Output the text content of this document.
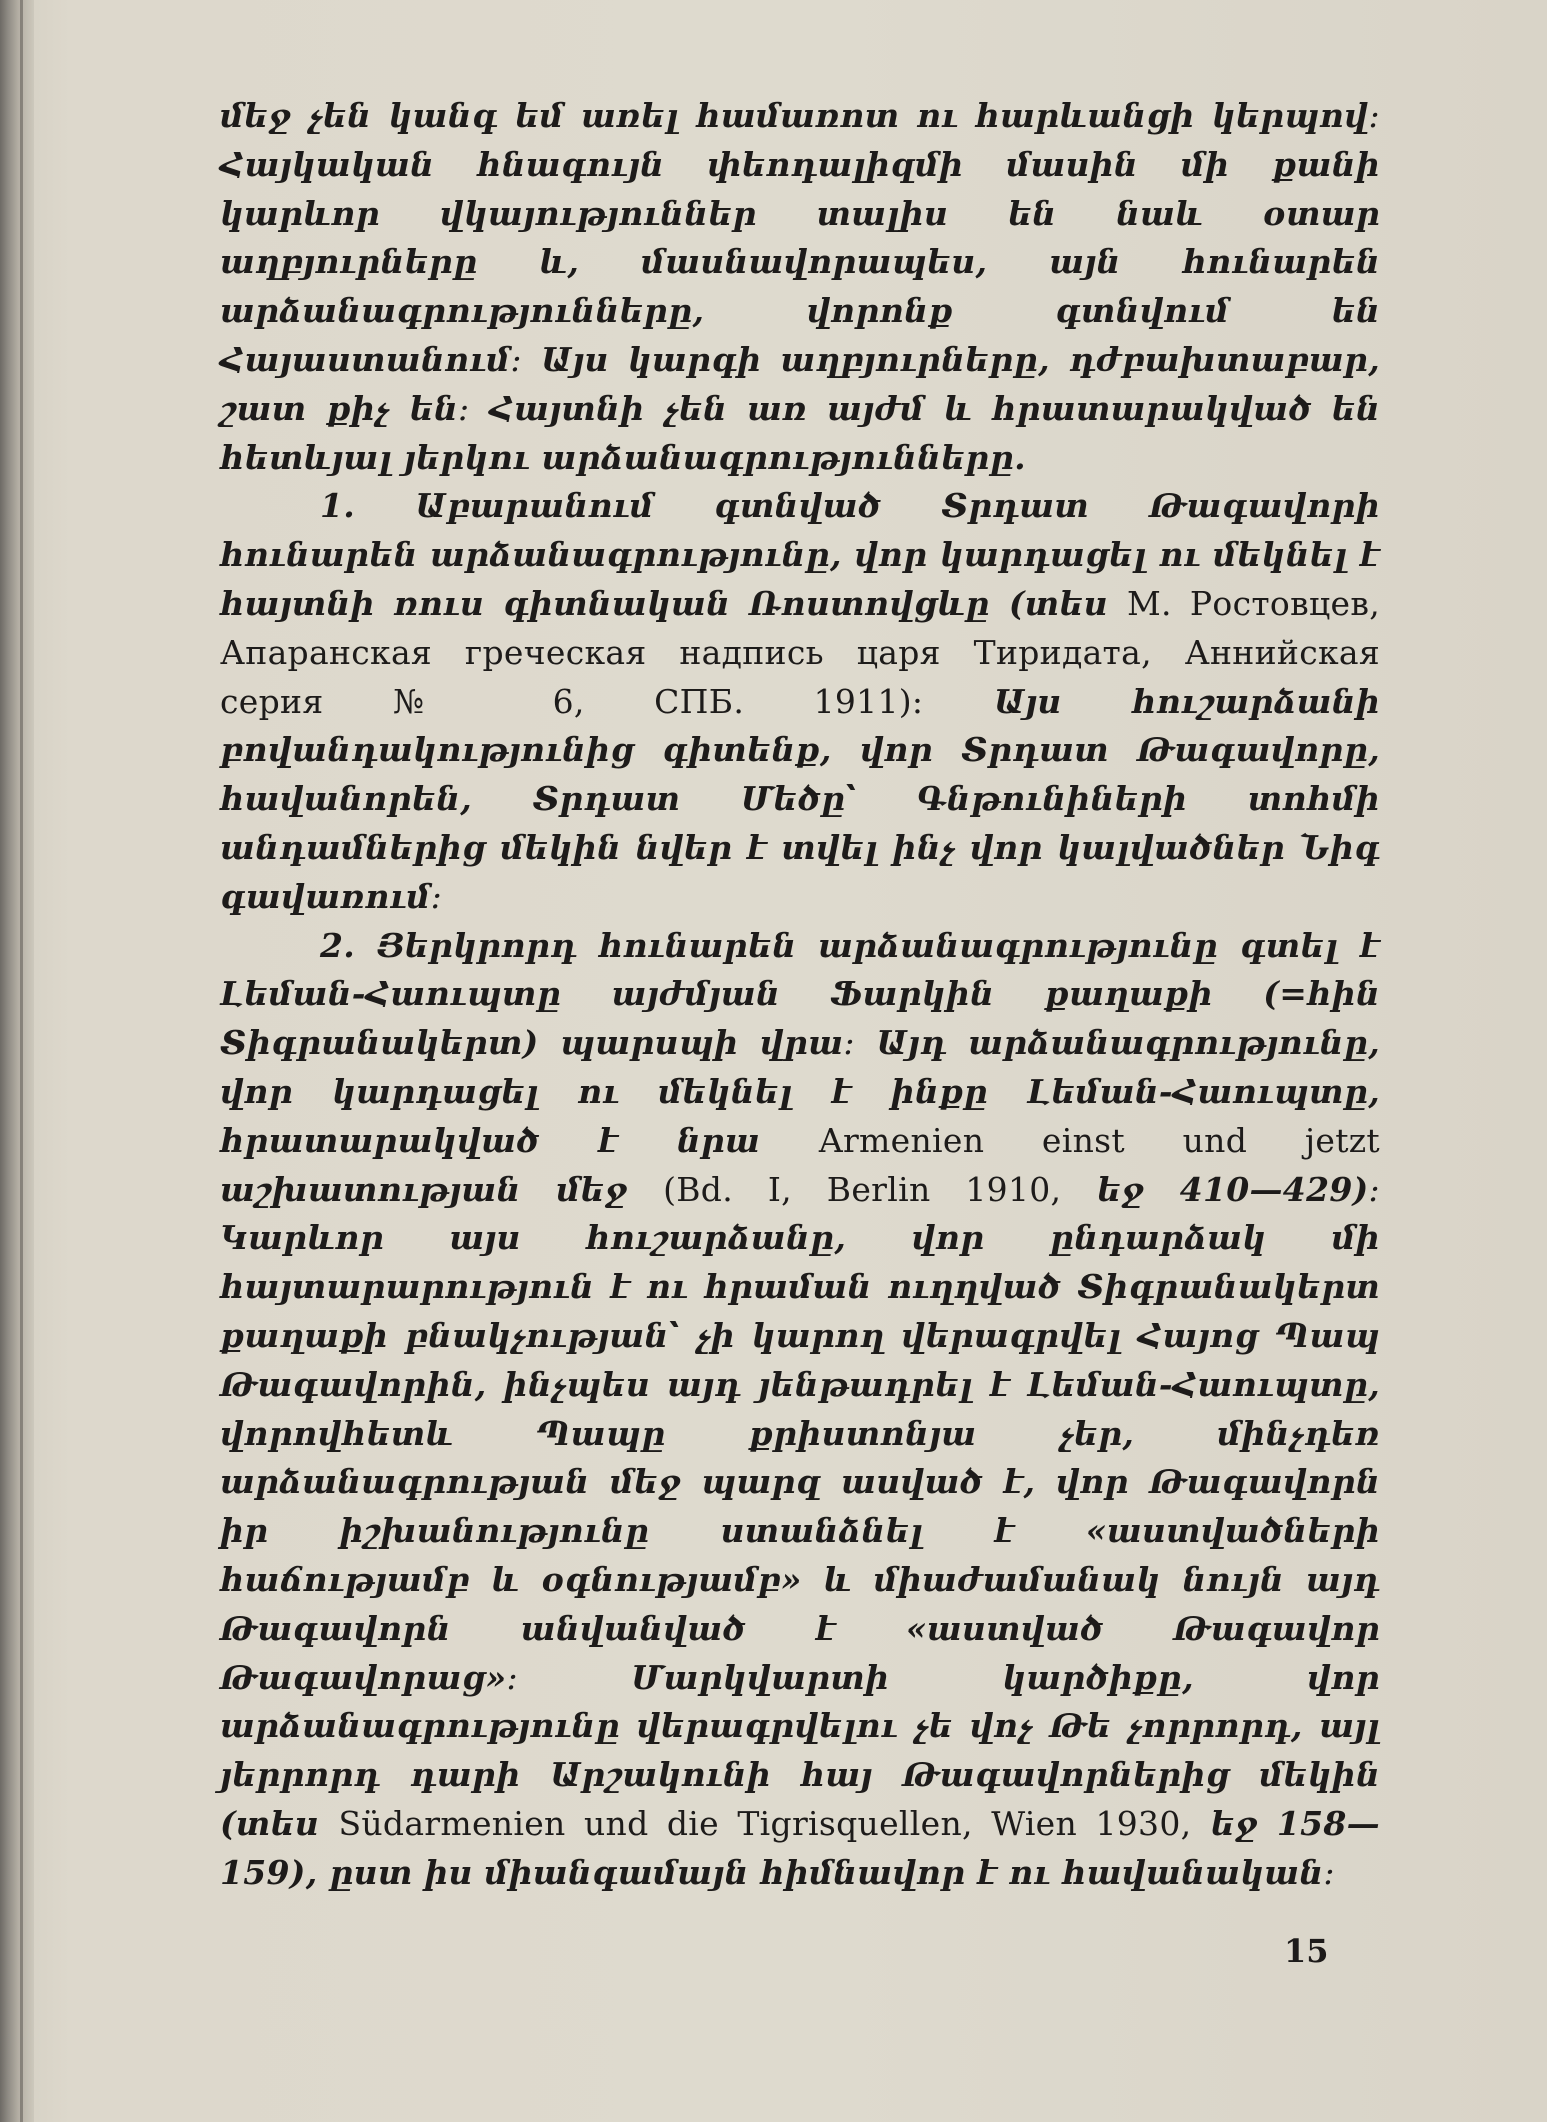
մեջ չեն կանգ եմ առել համառոտ ու հարևանցի կերպով։ Հայկական հնագույն փեոդալիզմի մասին մի քանի կարևոր վկայություններ տալիս են նաև օտար աղբյուրները և, մասնավորապես, այն հունարեն արձանագրությունները, վորոնք գտնվում են Հայաստանում։ Այս կարգի աղբյուրները, դժբախտաբար, շատ քիչ են։ Հայտնի չեն առ այժմ և հրատարակված են հետևյալ յերկու արձանագրությունները.

1. Աբարանում գտնված Տրդատ Թագավորի հունարեն արձանագրությունը, վոր կարդացել ու մեկնել է հայտնի ռուս գիտնական Ռոստովցևը (տես М. Ростовцев, Апаранская греческая надпись царя Тиридата, Аннийская серия № 6, СПБ. 1911): Այս հուշարձանի բովանդակությունից գիտենք, վոր Տրդատ Թագավորը, հավանորեն, Տրդատ Մեծը՝ Գնթունիների տոհմի անդամներից մեկին նվեր է տվել ինչ վոր կալվածներ Նիգ գավառում։

2. Յերկրորդ հունարեն արձանագրությունը գտել է Լեման-Հաուպտը այժմյան Ֆարկին քաղաքի (=հին Տիգրանակերտ) պարսպի վրա։ Այդ արձանագրությունը, վոր կարդացել ու մեկնել է ինքը Լեման-Հաուպտը, հրատարակված է նրա Armenien einst und jetzt աշխատության մեջ (Bd. I, Berlin 1910, եջ 410—429)։ Կարևոր այս հուշարձանը, վոր ընդարձակ մի հայտարարություն է ու հրաման ուղղված Տիգրանակերտ քաղաքի բնակչության՝ չի կարող վերագրվել Հայոց Պապ Թագավորին, ինչպես այդ յենթադրել է Լեման-Հաուպտը, վորովհետև Պապը քրիստոնյա չեր, մինչդեռ արձանագրության մեջ պարզ ասված է, վոր Թագավորն իր իշխանությունը ստանձնել է «աստվածների հաճությամբ և օգնությամբ» և միաժամանակ նույն այդ Թագավորն անվանված է «աստված Թագավոր Թագավորաց»։ Մարկվարտի կարծիքը, վոր արձանագրությունը վերագրվելու չե վոչ Թե չորրորդ, այլ յերրորդ դարի Արշակունի հայ Թագավորներից մեկին (տես Südarmenien und die Tigrisquellen, Wien 1930, եջ 158—159), ըստ իս միանգամայն հիմնավոր է ու հավանական։

15
